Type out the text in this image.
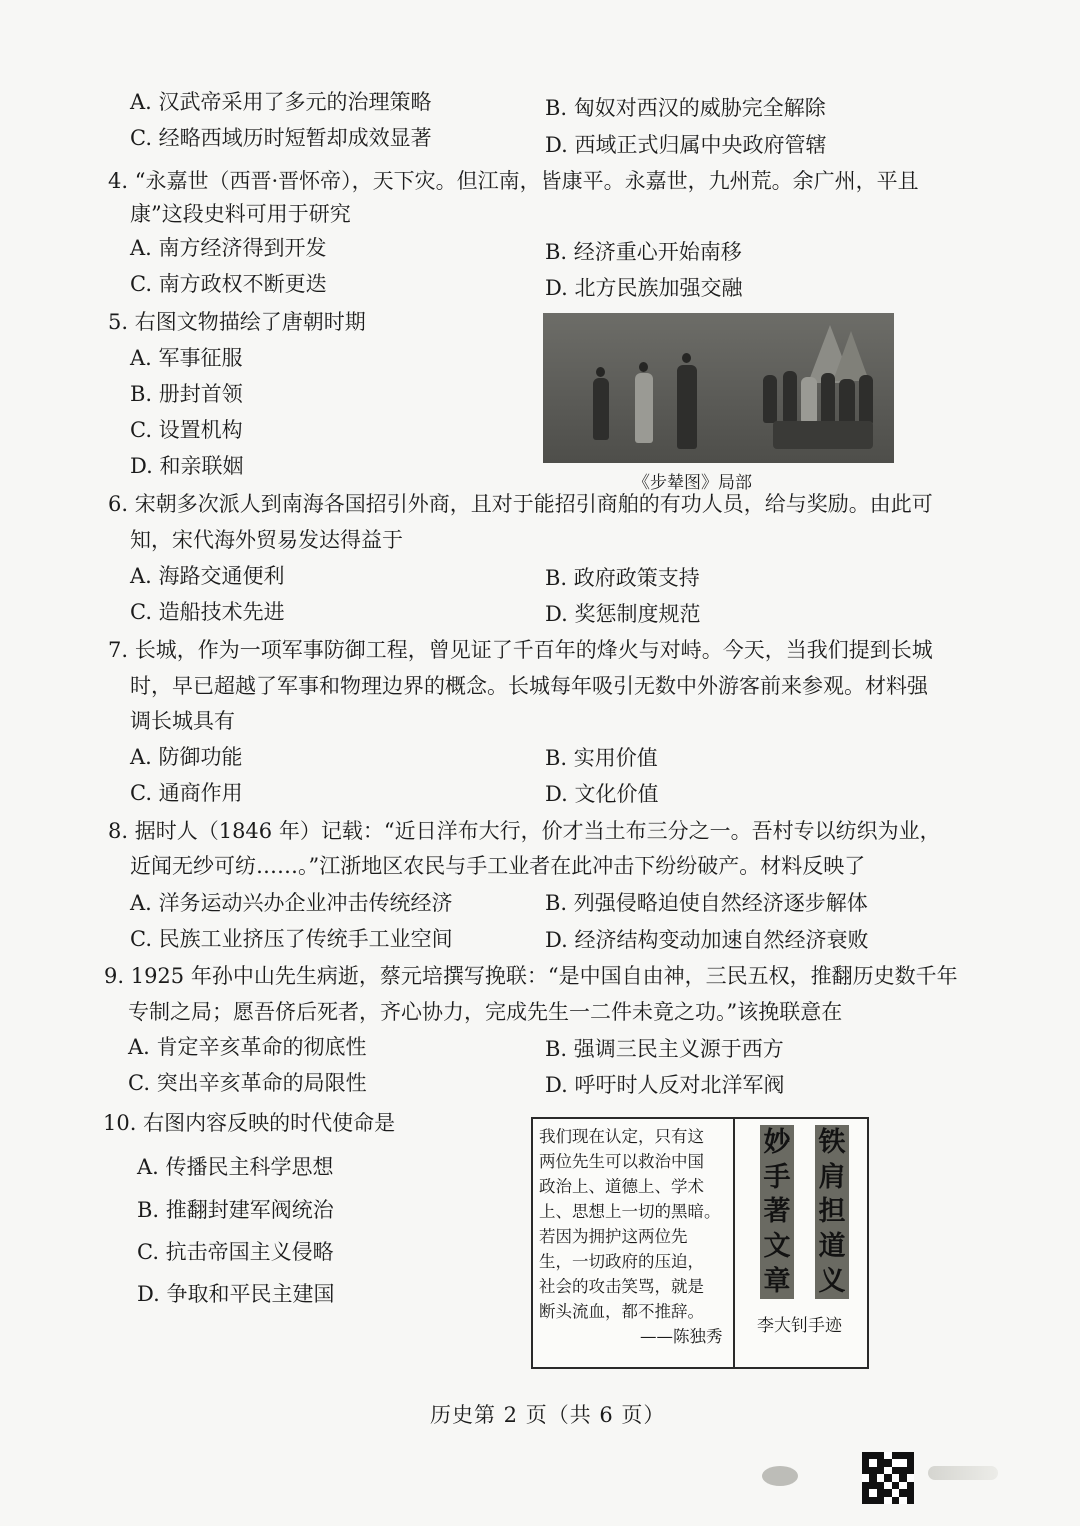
A. 汉武帝采用了多元的治理策略	B. 匈奴对西汉的威胁完全解除
C. 经略西域历时短暂却成效显著	D. 西域正式归属中央政府管辖
4. “永嘉世（西晋·晋怀帝），天下灾。但江南，皆康平。永嘉世，九州荒。余广州，平且
康”这段史料可用于研究
A. 南方经济得到开发	B. 经济重心开始南移
C. 南方政权不断更迭	D. 北方民族加强交融
5. 右图文物描绘了唐朝时期
A. 军事征服
B. 册封首领
C. 设置机构
D. 和亲联姻
《步辇图》局部
6. 宋朝多次派人到南海各国招引外商，且对于能招引商舶的有功人员，给与奖励。由此可
知，宋代海外贸易发达得益于
A. 海路交通便利	B. 政府政策支持
C. 造船技术先进	D. 奖惩制度规范
7. 长城，作为一项军事防御工程，曾见证了千百年的烽火与对峙。今天，当我们提到长城
时，早已超越了军事和物理边界的概念。长城每年吸引无数中外游客前来参观。材料强
调长城具有
A. 防御功能	B. 实用价值
C. 通商作用	D. 文化价值
8. 据时人（1846 年）记载：“近日洋布大行，价才当土布三分之一。吾村专以纺织为业，
近闻无纱可纺……。”江浙地区农民与手工业者在此冲击下纷纷破产。材料反映了
A. 洋务运动兴办企业冲击传统经济	B. 列强侵略迫使自然经济逐步解体
C. 民族工业挤压了传统手工业空间	D. 经济结构变动加速自然经济衰败
9. 1925 年孙中山先生病逝，蔡元培撰写挽联：“是中国自由神，三民五权，推翻历史数千年
专制之局；愿吾侪后死者，齐心协力，完成先生一二件未竟之功。”该挽联意在
A. 肯定辛亥革命的彻底性	B. 强调三民主义源于西方
C. 突出辛亥革命的局限性	D. 呼吁时人反对北洋军阀
10. 右图内容反映的时代使命是
A. 传播民主科学思想
B. 推翻封建军阀统治
C. 抗击帝国主义侵略
D. 争取和平民主建国
我们现在认定，只有这
两位先生可以救治中国
政治上、道德上、学术
上、思想上一切的黑暗。
若因为拥护这两位先
生，一切政府的压迫，
社会的攻击笑骂，就是
断头流血，都不推辞。
——陈独秀
铁
肩
担
道
义
妙
手
著
文
章
李大钊手迹
历史第 2 页（共 6 页）
